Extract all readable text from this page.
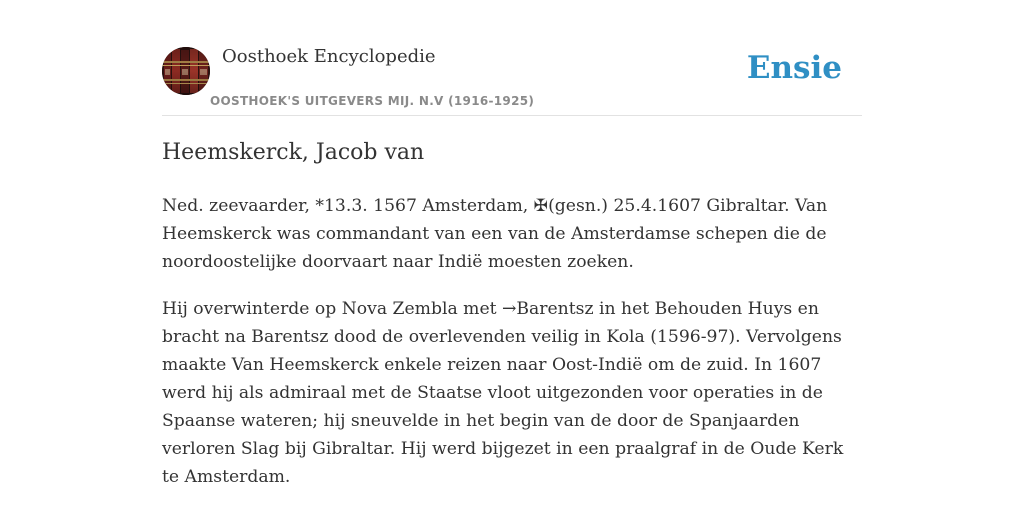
Oosthoek Encyclopedie
OOSTHOEK'S UITGEVERS MIJ. N.V (1916-1925)
Ensie
Heemskerck, Jacob van

Ned. zeevaarder, *13.3. 1567 Amsterdam, ✠(gesn.) 25.4.1607 Gibraltar. Van Heemskerck was commandant van een van de Amsterdamse schepen die de noordoostelijke doorvaart naar Indië moesten zoeken.

Hij overwinterde op Nova Zembla met →Barentsz in het Behouden Huys en bracht na Barentsz dood de overlevenden veilig in Kola (1596-97). Vervolgens maakte Van Heemskerck enkele reizen naar Oost-Indië om de zuid. In 1607 werd hij als admiraal met de Staatse vloot uitgezonden voor operaties in de Spaanse wateren; hij sneuvelde in het begin van de door de Spanjaarden verloren Slag bij Gibraltar. Hij werd bijgezet in een praalgraf in de Oude Kerk te Amsterdam.
